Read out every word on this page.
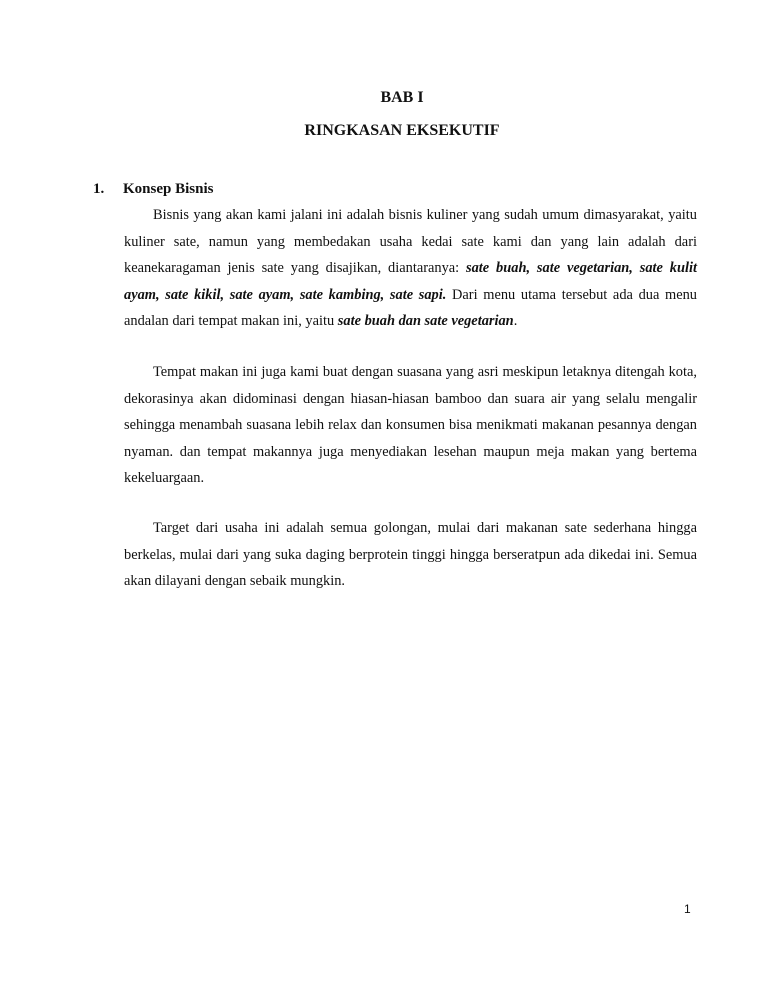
BAB I
RINGKASAN EKSEKUTIF
1. Konsep Bisnis

Bisnis yang akan kami jalani ini adalah bisnis kuliner yang sudah umum dimasyarakat, yaitu kuliner sate, namun yang membedakan usaha kedai sate kami dan yang lain adalah dari keanekaragaman jenis sate yang disajikan, diantaranya: sate buah, sate vegetarian, sate kulit ayam, sate kikil, sate ayam, sate kambing, sate sapi. Dari menu utama tersebut ada dua menu andalan dari tempat makan ini, yaitu sate buah dan sate vegetarian.

Tempat makan ini juga kami buat dengan suasana yang asri meskipun letaknya ditengah kota, dekorasinya akan didominasi dengan hiasan-hiasan bamboo dan suara air yang selalu mengalir sehingga menambah suasana lebih relax dan konsumen bisa menikmati makanan pesannya dengan nyaman. dan tempat makannya juga menyediakan lesehan maupun meja makan yang bertema kekeluargaan.

Target dari usaha ini adalah semua golongan, mulai dari makanan sate sederhana hingga berkelas, mulai dari yang suka daging berprotein tinggi hingga berseratpun ada dikedai ini. Semua akan dilayani dengan sebaik mungkin.

1
